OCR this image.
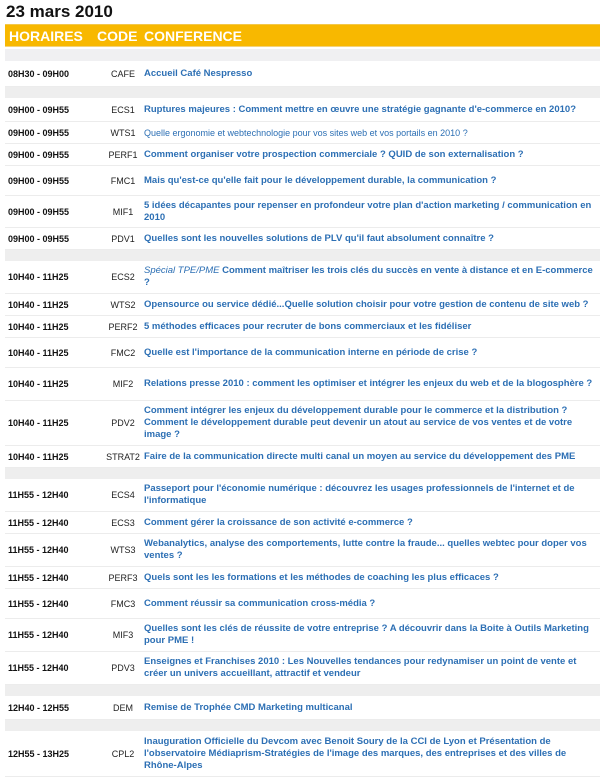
23 mars 2010
HORAIRES	CODE CONFERENCE
08H30 - 09H00	CAFE Accueil Café Nespresso
09H00 - 09H55	ECS1 Ruptures majeures : Comment mettre en œuvre une stratégie gagnante d'e-commerce en 2010?
09H00 - 09H55	WTS1 Quelle ergonomie et webtechnologie pour vos sites web et vos portails en 2010 ?
09H00 - 09H55	PERF1 Comment organiser votre prospection commerciale ? QUID de son externalisation ?
09H00 - 09H55	FMC1 Mais qu'est-ce qu'elle fait pour le développement durable, la communication ?
09H00 - 09H55	MIF1
5 idées décapantes pour repenser en profondeur votre plan d'action marketing / communication en 2010
09H00 - 09H55	PDV1 Quelles sont les nouvelles solutions de PLV qu'il faut absolument connaître ?
10H40 - 11H25	ECS2
Spécial TPE/PME Comment maîtriser les trois clés du succès en vente à distance et en E-commerce ?
10H40 - 11H25	WTS2 Opensource ou service dédié...Quelle solution choisir pour votre gestion de contenu de site web ?
10H40 - 11H25	PERF2 5 méthodes efficaces pour recruter de bons commerciaux et les fidéliser
10H40 - 11H25	FMC2 Quelle est l'importance de la communication interne en période de crise ?
10H40 - 11H25	MIF2	Relations presse 2010 : comment les optimiser et intégrer les enjeux du web et de la blogosphère ?
10H40 - 11H25	PDV2
Comment intégrer les enjeux du développement durable pour le commerce et la distribution ? Comment le développement durable peut devenir un atout au service de vos ventes et de votre image ?
10H40 - 11H25	STRAT2 Faire de la communication directe multi canal un moyen au service du développement des PME
11H55 - 12H40	ECS4
Passeport pour l'économie numérique : découvrez les usages professionnels de l'internet et de l'informatique
11H55 - 12H40	ECS3 Comment gérer la croissance de son activité e-commerce ?
11H55 - 12H40	WTS3
Webanalytics, analyse des comportements, lutte contre la fraude... quelles webtec pour doper vos ventes ?
11H55 - 12H40	PERF3 Quels sont les les formations et les méthodes de coaching les plus efficaces ?
11H55 - 12H40	FMC3 Comment réussir sa communication cross-média ?
11H55 - 12H40	MIF3
Quelles sont les clés de réussite de votre entreprise ? A découvrir dans la Boite à Outils Marketing pour PME !
11H55 - 12H40	PDV3
Enseignes et Franchises 2010 : Les Nouvelles tendances pour redynamiser un point de vente et créer un univers accueillant, attractif et vendeur
12H40 - 12H55	DEM	Remise de Trophée CMD Marketing multicanal
12H55 - 13H25	CPL2
Inauguration Officielle du Devcom avec Benoit Soury de la CCI de Lyon et Présentation de l'observatoire Médiaprism-Stratégies de l'image des marques, des entreprises et des villes de Rhône-Alpes
